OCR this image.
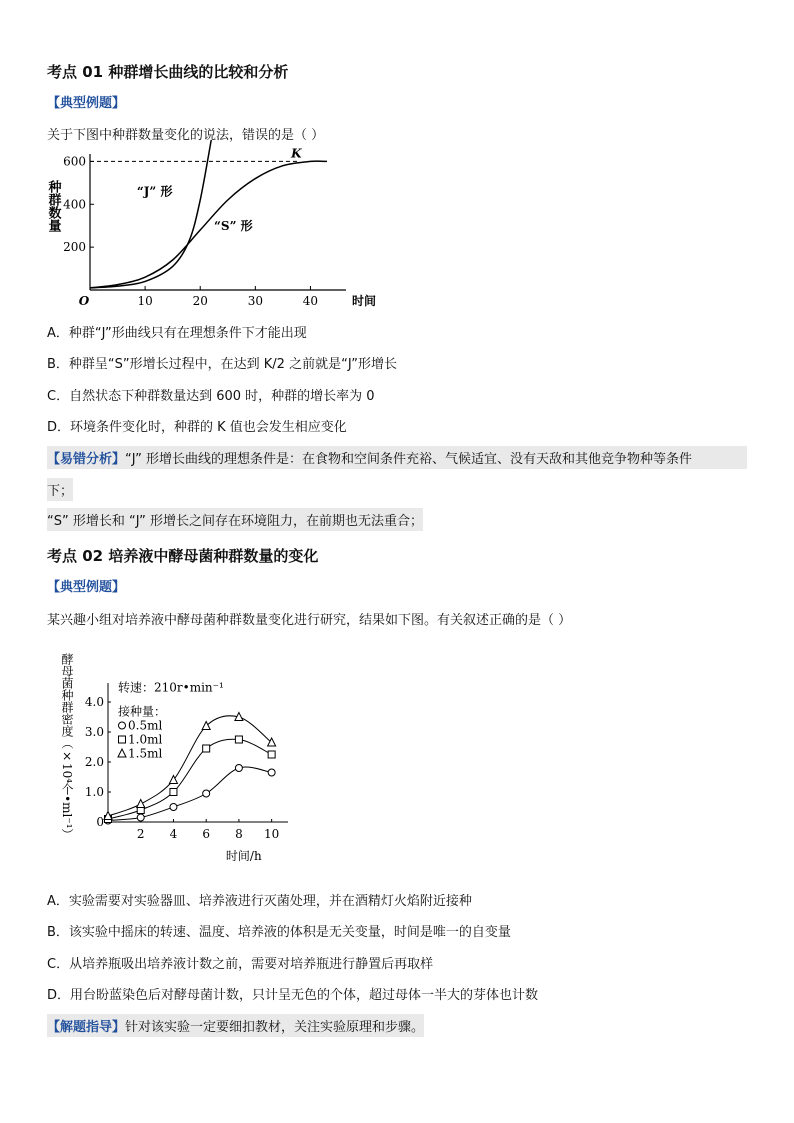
考点 01 种群增长曲线的比较和分析
【典型例题】
关于下图中种群数量变化的说法，错误的是（ ）
10	20	30	40
200
400
600
O	时间
种群数量
K
“J” 形
“S” 形
A．种群“J”形曲线只有在理想条件下才能出现
B．种群呈“S”形增长过程中，在达到 K/2 之前就是“J”形增长
C．自然状态下种群数量达到 600 时，种群的增长率为 0
D．环境条件变化时，种群的 K 值也会发生相应变化
【易错分析】“J” 形增长曲线的理想条件是：在食物和空间条件充裕、气候适宜、没有天敌和其他竞争物种等条件
下；
“S” 形增长和 “J” 形增长之间存在环境阻力，在前期也无法重合；
考点 02 培养液中酵母菌种群数量的变化
【典型例题】
某兴趣小组对培养液中酵母菌种群数量变化进行研究，结果如下图。有关叙述正确的是（ ）
2 4 6 8 10
0
1.0
2.0
3.0
4.0
时间/h
酵母菌种群密度（×10⁴个•ml⁻¹）	转速：210r•min⁻¹
接种量：
0.5ml
1.0ml
1.5ml
A．实验需要对实验器皿、培养液进行灭菌处理，并在酒精灯火焰附近接种
B．该实验中摇床的转速、温度、培养液的体积是无关变量，时间是唯一的自变量
C．从培养瓶吸出培养液计数之前，需要对培养瓶进行静置后再取样
D．用台盼蓝染色后对酵母菌计数，只计呈无色的个体，超过母体一半大的芽体也计数
【解题指导】针对该实验一定要细扣教材，关注实验原理和步骤。
